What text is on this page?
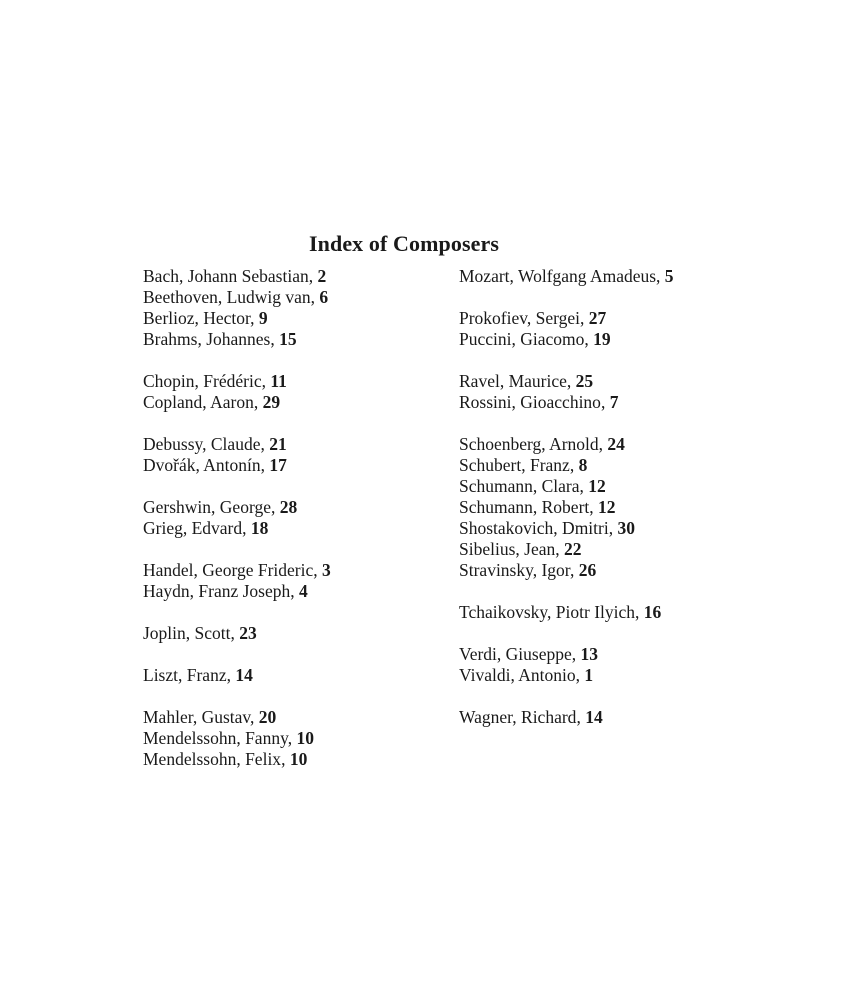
Index of Composers
Bach, Johann Sebastian, 2
Beethoven, Ludwig van, 6
Berlioz, Hector, 9
Brahms, Johannes, 15
Chopin, Frédéric, 11
Copland, Aaron, 29
Debussy, Claude, 21
Dvořák, Antonín, 17
Gershwin, George, 28
Grieg, Edvard, 18
Handel, George Frideric, 3
Haydn, Franz Joseph, 4
Joplin, Scott, 23
Liszt, Franz, 14
Mahler, Gustav, 20
Mendelssohn, Fanny, 10
Mendelssohn, Felix, 10
Mozart, Wolfgang Amadeus, 5
Prokofiev, Sergei, 27
Puccini, Giacomo, 19
Ravel, Maurice, 25
Rossini, Gioacchino, 7
Schoenberg, Arnold, 24
Schubert, Franz, 8
Schumann, Clara, 12
Schumann, Robert, 12
Shostakovich, Dmitri, 30
Sibelius, Jean, 22
Stravinsky, Igor, 26
Tchaikovsky, Piotr Ilyich, 16
Verdi, Giuseppe, 13
Vivaldi, Antonio, 1
Wagner, Richard, 14
